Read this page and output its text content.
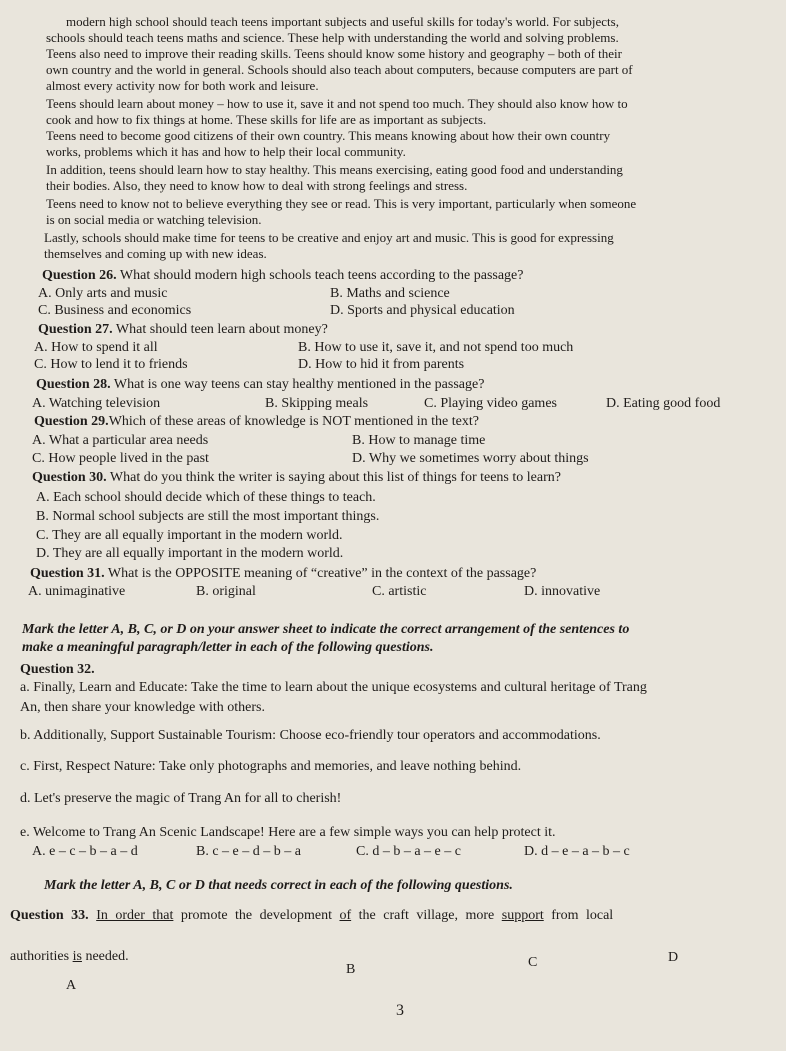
modern high school should teach teens important subjects and useful skills for today's world. For subjects,
schools should teach teens maths and science. These help with understanding the world and solving problems.
Teens also need to improve their reading skills. Teens should know some history and geography – both of their
own country and the world in general. Schools should also teach about computers, because computers are part of
almost every activity now for both work and leisure.
Teens should learn about money – how to use it, save it and not spend too much. They should also know how to
cook and how to fix things at home. These skills for life are as important as subjects.
Teens need to become good citizens of their own country. This means knowing about how their own country
works, problems which it has and how to help their local community.
In addition, teens should learn how to stay healthy. This means exercising, eating good food and understanding
their bodies. Also, they need to know how to deal with strong feelings and stress.
Teens need to know not to believe everything they see or read. This is very important, particularly when someone
is on social media or watching television.
Lastly, schools should make time for teens to be creative and enjoy art and music. This is good for expressing
themselves and coming up with new ideas.
Question 26. What should modern high schools teach teens according to the passage?
A. Only arts and music	B. Maths and science
C. Business and economics	D. Sports and physical education
Question 27. What should teen learn about money?
A. How to spend it all	B. How to use it, save it, and not spend too much
C. How to lend it to friends	D. How to hid it from parents
Question 28. What is one way teens can stay healthy mentioned in the passage?
A. Watching television	B. Skipping meals	C. Playing video games	D. Eating good food
Question 29.Which of these areas of knowledge is NOT mentioned in the text?
A. What a particular area needs	B. How to manage time
C. How people lived in the past	D. Why we sometimes worry about things
Question 30. What do you think the writer is saying about this list of things for teens to learn?
A. Each school should decide which of these things to teach.
B. Normal school subjects are still the most important things.
C. They are all equally important in the modern world.
D. They are all equally important in the modern world.
Question 31. What is the OPPOSITE meaning of “creative” in the context of the passage?
A. unimaginative	B. original	C. artistic	D. innovative
Mark the letter A, B, C, or D on your answer sheet to indicate the correct arrangement of the sentences to
make a meaningful paragraph/letter in each of the following questions.
Question 32.
a. Finally, Learn and Educate: Take the time to learn about the unique ecosystems and cultural heritage of Trang
An, then share your knowledge with others.
b. Additionally, Support Sustainable Tourism: Choose eco-friendly tour operators and accommodations.
c. First, Respect Nature: Take only photographs and memories, and leave nothing behind.
d. Let's preserve the magic of Trang An for all to cherish!
e. Welcome to Trang An Scenic Landscape! Here are a few simple ways you can help protect it.
A. e – c – b – a – d	B. c – e – d – b – a	C. d – b – a – e – c	D. d – e – a – b – c
Mark the letter A, B, C or D that needs correct in each of the following questions.
Question 33. In order that promote the development of the craft village, more support from local
authorities is needed.
A
B	C	D
3
